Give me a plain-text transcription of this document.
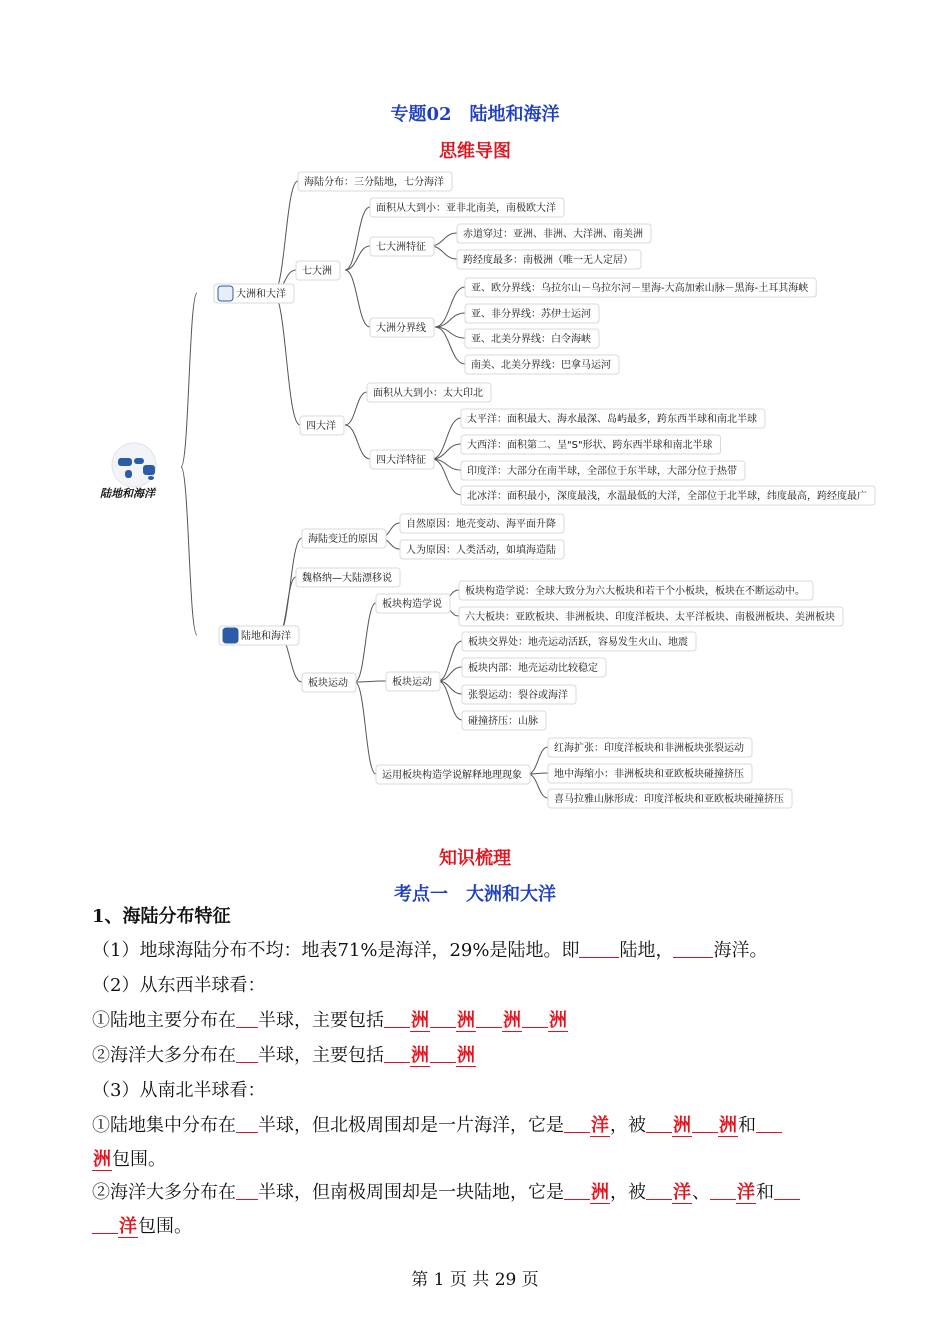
专题02　陆地和海洋
思维导图
陆地和海洋
海陆分布：三分陆地，七分海洋
七大洲
面积从大到小：亚非北南美，南极欧大洋
七大洲特征
赤道穿过：亚洲、非洲、大洋洲、南美洲
跨经度最多：南极洲（唯一无人定居）
大洲分界线
亚、欧分界线：乌拉尔山－乌拉尔河－里海-大高加索山脉－黑海-土耳其海峡
亚、非分界线：苏伊士运河
亚、北美分界线：白令海峡
南美、北美分界线：巴拿马运河
四大洋
面积从大到小：太大印北
四大洋特征
太平洋：面积最大、海水最深、岛屿最多，跨东西半球和南北半球
大西洋：面积第二、呈"S"形状、跨东西半球和南北半球
印度洋：大部分在南半球，全部位于东半球，大部分位于热带
北冰洋：面积最小，深度最浅，水温最低的大洋，全部位于北半球，纬度最高，跨经度最广
海陆变迁的原因
自然原因：地壳变动、海平面升降
人为原因：人类活动，如填海造陆
魏格纳—大陆漂移说
板块运动
板块构造学说
板块构造学说：全球大致分为六大板块和若干个小板块，板块在不断运动中。
六大板块：亚欧板块、非洲板块、印度洋板块、太平洋板块、南极洲板块、美洲板块
板块运动
板块交界处：地壳运动活跃，容易发生火山、地震
板块内部：地壳运动比较稳定
张裂运动：裂谷或海洋
碰撞挤压：山脉
运用板块构造学说解释地理现象
红海扩张：印度洋板块和非洲板块张裂运动
地中海缩小：非洲板块和亚欧板块碰撞挤压
喜马拉雅山脉形成：印度洋板块和亚欧板块碰撞挤压
大洲和大洋
陆地和海洋
知识梳理
考点一　大洲和大洋
1、海陆分布特征
（1）地球海陆分布不均：地表71%是海洋，29%是陆地。即 陆地， 海洋。
（2）从东西半球看：
①陆地主要分布在 半球，主要包括 洲 洲 洲 洲
②海洋大多分布在 半球，主要包括 洲 洲
（3）从南北半球看：
①陆地集中分布在 半球，但北极周围却是一片海洋，它是 洋，被 洲 洲和
洲包围。
②海洋大多分布在 半球，但南极周围却是一块陆地，它是 洲，被 洋、 洋和
洋包围。
第 1 页 共 29 页
